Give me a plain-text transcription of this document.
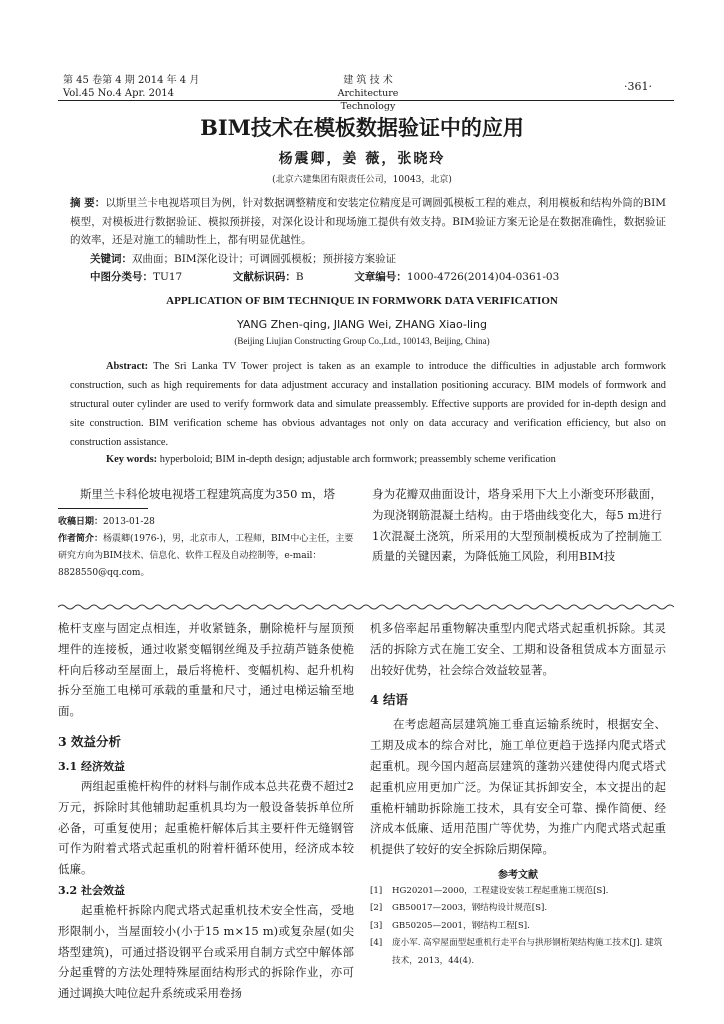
第 45 卷第 4 期 2014 年 4 月
Vol.45 No.4 Apr. 2014
建 筑 技 术
Architecture Technology
·361·
BIM技术在模板数据验证中的应用
杨震卿，姜 薇，张晓玲
(北京六建集团有限责任公司，10043，北京)
摘 要：以斯里兰卡电视塔项目为例，针对数据调整精度和安装定位精度是可调圆弧模板工程的难点，利用模板和结构外筒的BIM模型，对模板进行数据验证、模拟预拼接，对深化设计和现场施工提供有效支持。BIM验证方案无论是在数据准确性，数据验证的效率，还是对施工的辅助性上，都有明显优越性。
关键词：双曲面；BIM深化设计；可调圆弧模板；预拼接方案验证
中图分类号：TU17	文献标识码：B	文章编号：1000-4726(2014)04-0361-03
APPLICATION OF BIM TECHNIQUE IN FORMWORK DATA VERIFICATION
YANG Zhen-qing, JIANG Wei, ZHANG Xiao-ling
(Beijing Liujian Constructing Group Co.,Ltd., 100143, Beijing, China)
Abstract: The Sri Lanka TV Tower project is taken as an example to introduce the difficulties in adjustable arch formwork construction, such as high requirements for data adjustment accuracy and installation positioning accuracy. BIM models of formwork and structural outer cylinder are used to verify formwork data and simulate preassembly. Effective supports are provided for in-depth design and site construction. BIM verification scheme has obvious advantages not only on data accuracy and verification efficiency, but also on construction assistance.
Key words: hyperboloid; BIM in-depth design; adjustable arch formwork; preassembly scheme verification
斯里兰卡科伦坡电视塔工程建筑高度为350 m，塔	身为花瓣双曲面设计，塔身采用下大上小渐变环形截面，为现浇钢筋混凝土结构。由于塔曲线变化大，每5 m进行1次混凝土浇筑，所采用的大型预制模板成为了控制施工质量的关键因素，为降低施工风险，利用BIM技
收稿日期：2013-01-28
作者简介：杨震卿(1976-)，男，北京市人，工程师，BIM中心主任，主要研究方向为BIM技术、信息化、软件工程及自动控制等，e-mail：8828550@qq.com。
桅杆支座与固定点相连，并收紧链条，删除桅杆与屋顶预埋件的连接板，通过收紧变幅钢丝绳及手拉葫芦链条使桅杆向后移动至屋面上，最后将桅杆、变幅机构、起升机构拆分至施工电梯可承载的重量和尺寸，通过电梯运输至地面。
3 效益分析
3.1 经济效益
两组起重桅杆构件的材料与制作成本总共花费不超过2万元，拆除时其他辅助起重机具均为一般设备装拆单位所必备，可重复使用；起重桅杆解体后其主要杆件无缝钢管可作为附着式塔式起重机的附着杆循环使用，经济成本较低廉。
3.2 社会效益
起重桅杆拆除内爬式塔式起重机技术安全性高，受地形限制小，当屋面较小(小于15 m×15 m)或复杂屋(如尖塔型建筑)，可通过搭设钢平台或采用自制方式空中解体部分起重臂的方法处理特殊屋面结构形式的拆除作业，亦可通过调换大吨位起升系统或采用卷扬
机多倍率起吊重物解决重型内爬式塔式起重机拆除。其灵活的拆除方式在施工安全、工期和设备租赁成本方面显示出较好优势，社会综合效益较显著。
4 结语
在考虑超高层建筑施工垂直运输系统时，根据安全、工期及成本的综合对比，施工单位更趋于选择内爬式塔式起重机。现今国内超高层建筑的蓬勃兴建使得内爬式塔式起重机应用更加广泛。为保证其拆卸安全，本文提出的起重桅杆辅助拆除施工技术，具有安全可靠、操作简便、经济成本低廉、适用范围广等优势，为推广内爬式塔式起重机提供了较好的安全拆除后期保障。
参考文献
[1]	HG20201—2000，工程建设安装工程起重施工规范[S].
[2]	GB50017—2003，钢结构设计规范[S].
[3]	GB50205—2001，钢结构工程[S].
[4]	庞小军. 高窄屋面型起重机行走平台与拱形钢桁架结构施工技术[J]. 建筑技术，2013，44(4).
